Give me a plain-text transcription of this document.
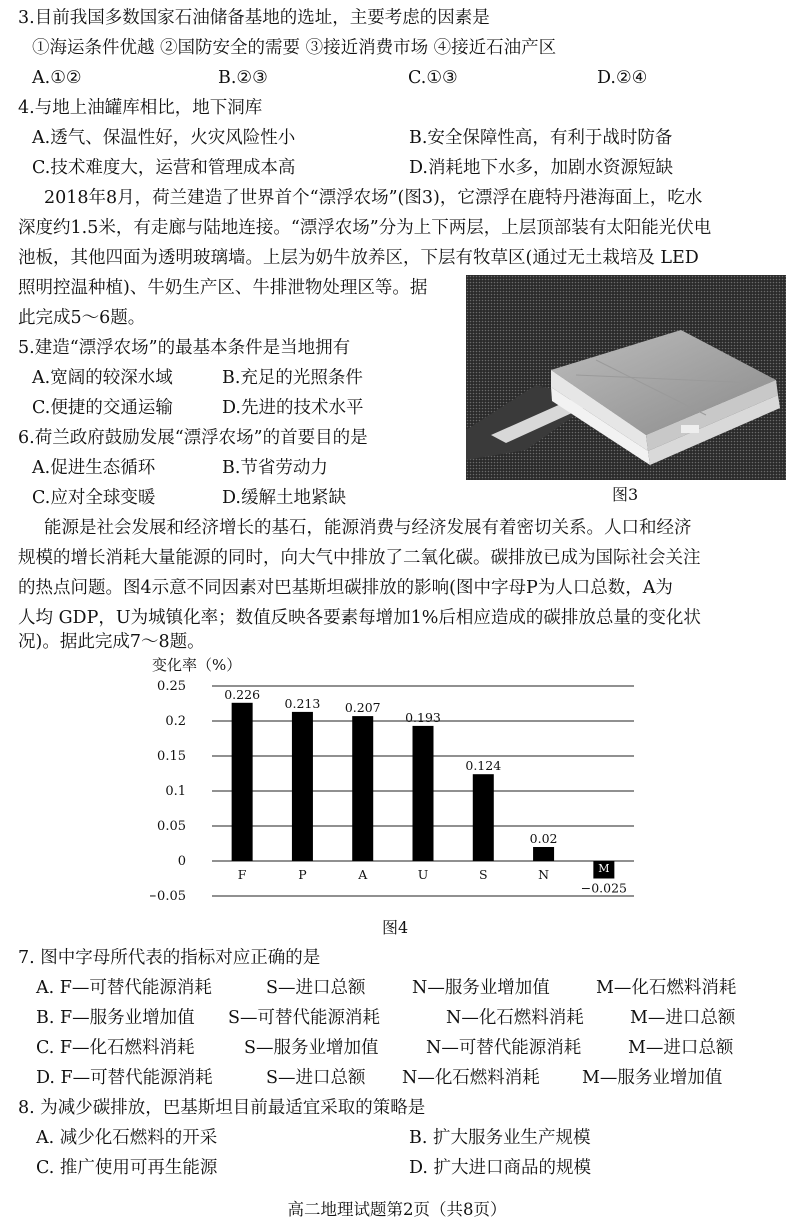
3.目前我国多数国家石油储备基地的选址，主要考虑的因素是
①海运条件优越 ②国防安全的需要 ③接近消费市场 ④接近石油产区
A.①②	B.②③	C.①③	D.②④
4.与地上油罐库相比，地下洞库
A.透气、保温性好，火灾风险性小	B.安全保障性高，有利于战时防备
C.技术难度大，运营和管理成本高	D.消耗地下水多，加剧水资源短缺
2018年8月，荷兰建造了世界首个“漂浮农场”(图3)，它漂浮在鹿特丹港海面上，吃水
深度约1.5米，有走廊与陆地连接。“漂浮农场”分为上下两层，上层顶部装有太阳能光伏电
池板，其他四面为透明玻璃墙。上层为奶牛放养区，下层有牧草区(通过无土栽培及 LED
照明控温种植)、牛奶生产区、牛排泄物处理区等。据
此完成5～6题。
5.建造“漂浮农场”的最基本条件是当地拥有
A.宽阔的较深水域	B.充足的光照条件
C.便捷的交通运输	D.先进的技术水平
6.荷兰政府鼓励发展“漂浮农场”的首要目的是
A.促进生态循环	B.节省劳动力
C.应对全球变暖	D.缓解土地紧缺	图3
能源是社会发展和经济增长的基石，能源消费与经济发展有着密切关系。人口和经济
规模的增长消耗大量能源的同时，向大气中排放了二氧化碳。碳排放已成为国际社会关注
的热点问题。图4示意不同因素对巴基斯坦碳排放的影响(图中字母P为人口总数，A为
人均 GDP，U为城镇化率；数值反映各要素每增加1%后相应造成的碳排放总量的变化状
况)。据此完成7～8题。
变化率（%）
0.25
0.2
0.15
0.1
0.05
0
−0.05
0.226
F
0.213
P
0.207
A
0.193
U
0.124
S
0.02
N	M
−0.025
图4
7. 图中字母所代表的指标对应正确的是
A. F—可替代能源消耗	S—进口总额	N—服务业增加值	M—化石燃料消耗
B. F—服务业增加值 S—可替代能源消耗	N—化石燃料消耗	M—进口总额
C. F—化石燃料消耗	S—服务业增加值	N—可替代能源消耗	M—进口总额
D. F—可替代能源消耗	S—进口总额 N—化石燃料消耗 M—服务业增加值
8. 为减少碳排放，巴基斯坦目前最适宜采取的策略是
A. 减少化石燃料的开采	B. 扩大服务业生产规模
C. 推广使用可再生能源	D. 扩大进口商品的规模
高二地理试题第2页（共8页）
